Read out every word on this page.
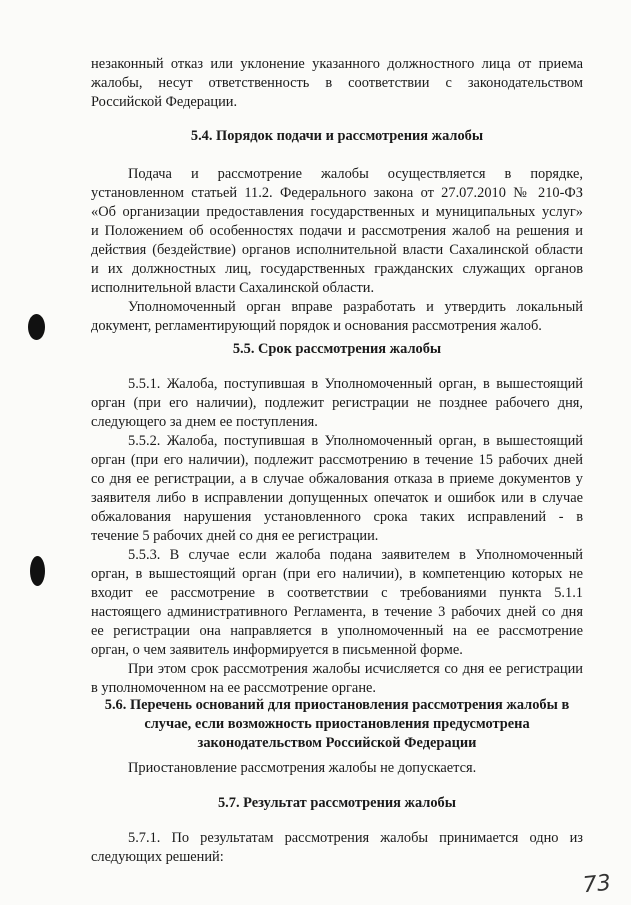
незаконный отказ или уклонение указанного должностного лица от приема
жалобы, несут ответственность в соответствии с законодательством
Российской Федерации.
5.4. Порядок подачи и рассмотрения жалобы
Подача и рассмотрение жалобы осуществляется в порядке,
установленном статьей 11.2. Федерального закона от 27.07.2010 № 210-ФЗ
«Об организации предоставления государственных и муниципальных услуг»
и Положением об особенностях подачи и рассмотрения жалоб на решения и
действия (бездействие) органов исполнительной власти Сахалинской области
и их должностных лиц, государственных гражданских служащих органов
исполнительной власти Сахалинской области.
Уполномоченный орган вправе разработать и утвердить локальный
документ, регламентирующий порядок и основания рассмотрения жалоб.
5.5. Срок рассмотрения жалобы
5.5.1. Жалоба, поступившая в Уполномоченный орган, в вышестоящий
орган (при его наличии), подлежит регистрации не позднее рабочего дня,
следующего за днем ее поступления.
5.5.2. Жалоба, поступившая в Уполномоченный орган, в вышестоящий
орган (при его наличии), подлежит рассмотрению в течение 15 рабочих дней
со дня ее регистрации, а в случае обжалования отказа в приеме документов у
заявителя либо в исправлении допущенных опечаток и ошибок или в случае
обжалования нарушения установленного срока таких исправлений - в
течение 5 рабочих дней со дня ее регистрации.
5.5.3. В случае если жалоба подана заявителем в Уполномоченный
орган, в вышестоящий орган (при его наличии), в компетенцию которых не
входит ее рассмотрение в соответствии с требованиями пункта 5.1.1
настоящего административного Регламента, в течение 3 рабочих дней со дня
ее регистрации она направляется в уполномоченный на ее рассмотрение
орган, о чем заявитель информируется в письменной форме.
При этом срок рассмотрения жалобы исчисляется со дня ее регистрации
в уполномоченном на ее рассмотрение органе.
5.6. Перечень оснований для приостановления рассмотрения жалобы в
случае, если возможность приостановления предусмотрена
законодательством Российской Федерации
Приостановление рассмотрения жалобы не допускается.
5.7. Результат рассмотрения жалобы
5.7.1. По результатам рассмотрения жалобы принимается одно из
следующих решений:
73
